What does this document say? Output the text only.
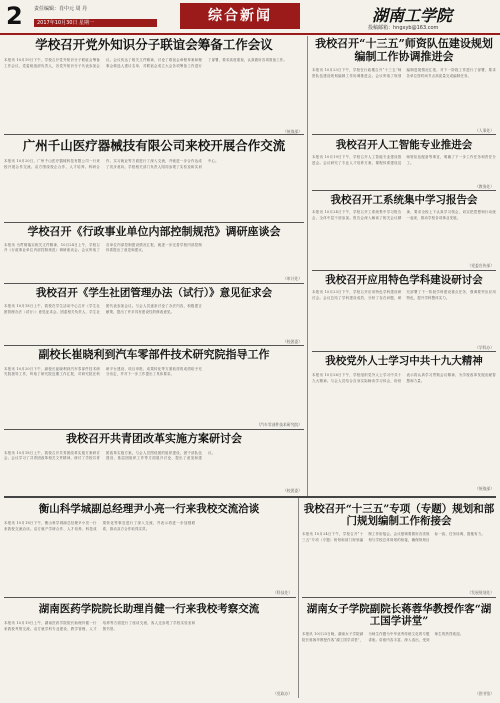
2 责任编辑：肖中元 周 丹
2017年10月30日 星期一	综合新闻	湖南工学院
投稿邮箱：hngxyb@163.com
学校召开党外知识分子联谊会筹备工作会议
本报讯 10月19日下午，学校召开党外知识分子联谊会筹备工作会议，党委统战部负责人，各党外知识分子代表参加会议。会议传达了相关文件精神，讨论了联谊会章程草案和理事会候选人建议名单，对联谊会成立大会各项筹备工作进行了部署，要求高度重视，认真做好各项准备工作。
（统战部）
广州千山医疗器械技有限公司来校开展合作交流
本报讯 10月20日，广州千山医疗器械科技有限公司一行来校开展合作交流。双方围绕校企合作、人才培养、科研合作、实习就业等方面进行了深入交流，并就进一步合作达成了初步意向。学校相关部门负责人陪同参观了实验室和实训中心。
学校召开《行政事业单位内部控制规范》调研座谈会
本报讯 为贯彻落实相关文件精神，10月24日上午，学校召开《行政事业单位内部控制规范》调研座谈会。会议听取了各单位内部控制建设情况汇报，就进一步完善学校内部控制体系提出了意见和建议。
（审计处）
我校召开《学生社团管理办法（试行）》意见征求会
本报讯 10月18日上午，我校在学生活动中心召开《学生社团管理办法（试行）》意见征求会。团委相关负责人、学生社团代表参加会议。与会人员逐条讨论了办法内容，积极建言献策，提出了许多具有建设性的修改意见。
（校团委）
副校长崔晓利到汽车零部件技术研究院指导工作
本报讯 10月20日下午，副校长崔晓利到汽车零部件技术研究院指导工作，听取了研究院近期工作汇报，对研究院在科研平台建设、项目申报、成果转化等方面取得的成绩给予充分肯定，并对下一步工作提出了具体要求。
（汽车零部件技术研究院）
我校召开共青团改革实施方案研讨会
本报讯 10月18日上午，我校召开共青团改革实施方案研讨会。会议学习了共青团改革相关文件精神，研讨了学校共青团改革实施方案。与会人员围绕团的组织建设、团干部队伍建设、基层团组织工作等方面展开讨论，提出了意见和建议。
（校团委）
衡山科学城副总经理尹小亮一行来我校交流洽谈
本报讯 10月18日下午，衡山科学城副总经理尹小亮一行来我校交流洽谈。双方就产学研合作、人才培养、科技成果转化等事宜进行了深入交流，并表示将进一步加强联系，推动双方合作取得实效。
（科技处）
湖南医药学院院长助理肖健一行来我校考察交流
本报讯 10月19日上午，湖南医药学院院长助理肖健一行来我校考察交流。双方就学科专业建设、教学管理、人才培养等方面进行了座谈交流，客人还参观了学校实验室和图书馆。
（党政办）
我校召开“十三五”师资队伍建设规划编制工作协调推进会
本报讯 10月23日下午，学校在行政楼召开“十三五”师资队伍建设规划编制工作协调推进会。会议听取了规划编制进展情况汇报，对下一阶段工作进行了部署，要求各单位按时间节点高质量完成编制任务。
（人事处）
我校召开人工智能专业推进会
本报讯 10月19日下午，学校召开人工智能专业建设推进会。会议研究了专业人才培养方案、课程体系建设及师资队伍配备等事宜，明确了下一步工作任务和责任分工。
（教务处）
我校召开工系统集中学习报告会
本报讯 10月24日下午，学校召开工系统集中学习报告会，全体中层干部参加。报告会深入解读了相关会议精神，要求全校上下认真学习领会，切实把思想和行动统一起来，推动学校各项事业发展。
（党委宣传部）
我校召开应用特色学科建设研讨会
本报讯 10月23日下午，学校召开应用特色学科建设研讨会。会议总结了学科建设成效，分析了存在问题，研究部署了下一阶段学科建设重点任务，强调要突出应用特色，提升学科整体实力。
（学科办）
我校党外人士学习中共十九大精神
本报讯 10月26日下午，学校组织党外人士学习中共十九大精神。与会人员结合自身实际畅谈学习体会，纷纷表示将认真学习贯彻会议精神，为学校改革发展贡献智慧和力量。
（统战部）
我校召开“十三五”专项（专题）规划和部门规划编制工作衔接会
本报讯 10月24日下午，学校召开“十三五”专项（专题）规划和部门规划编制工作衔接会。会议强调要做好各类规划与学校总体规划的衔接，确保规划目标一致、任务协调、措施有力。
（发展规划处）
湖南女子学院副院长蒋蓉华教授作客“湖工国学讲堂”
本报讯 10月25日晚，湖南女子学院副院长蒋蓉华教授作客“湖工国学讲堂”，为师生作题为中华优秀传统文化的专题讲座。讲座内容丰富、深入浅出，受到师生的热烈欢迎。
（图书馆）
